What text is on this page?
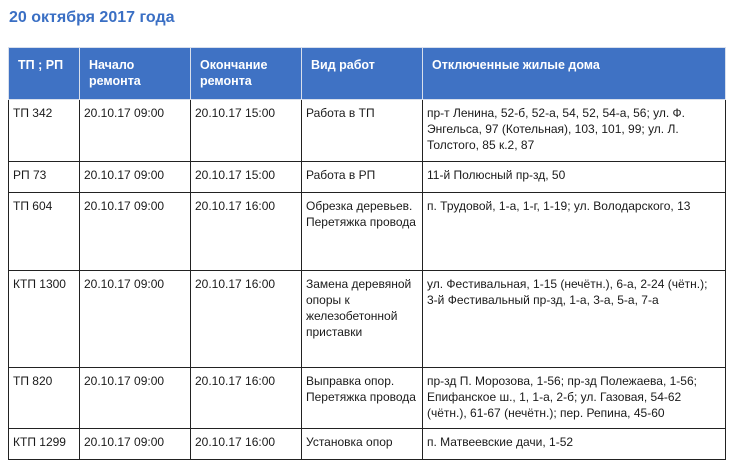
20 октября 2017 года
ТП ; РП	Начало ремонта	Окончание ремонта	Вид работ	Отключенные жилые дома
ТП 342	20.10.17 09:00	20.10.17 15:00	Работа в ТП	пр-т Ленина, 52-б, 52-а, 54, 52, 54-а, 56; ул. Ф. Энгельса, 97 (Котельная), 103, 101, 99; ул. Л. Толстого, 85 к.2, 87
РП 73	20.10.17 09:00	20.10.17 15:00	Работа в РП	11-й Полюсный пр-зд, 50
ТП 604	20.10.17 09:00	20.10.17 16:00	Обрезка деревьев. Перетяжка провода	п. Трудовой, 1-а, 1-г, 1-19; ул. Володарского, 13
КТП 1300	20.10.17 09:00	20.10.17 16:00	Замена деревяной опоры к железобетонной приставки	ул. Фестивальная, 1-15 (нечётн.), 6-а, 2-24 (чётн.); 3-й Фестивальный пр-зд, 1-а, 3-а, 5-а, 7-а
ТП 820	20.10.17 09:00	20.10.17 16:00	Выправка опор. Перетяжка провода	пр-зд П. Морозова, 1-56; пр-зд Полежаева, 1-56; Епифанское ш., 1, 1-а, 2-б; ул. Газовая, 54-62 (чётн.), 61-67 (нечётн.); пер. Репина, 45-60
КТП 1299	20.10.17 09:00	20.10.17 16:00	Установка опор	п. Матвеевские дачи, 1-52
